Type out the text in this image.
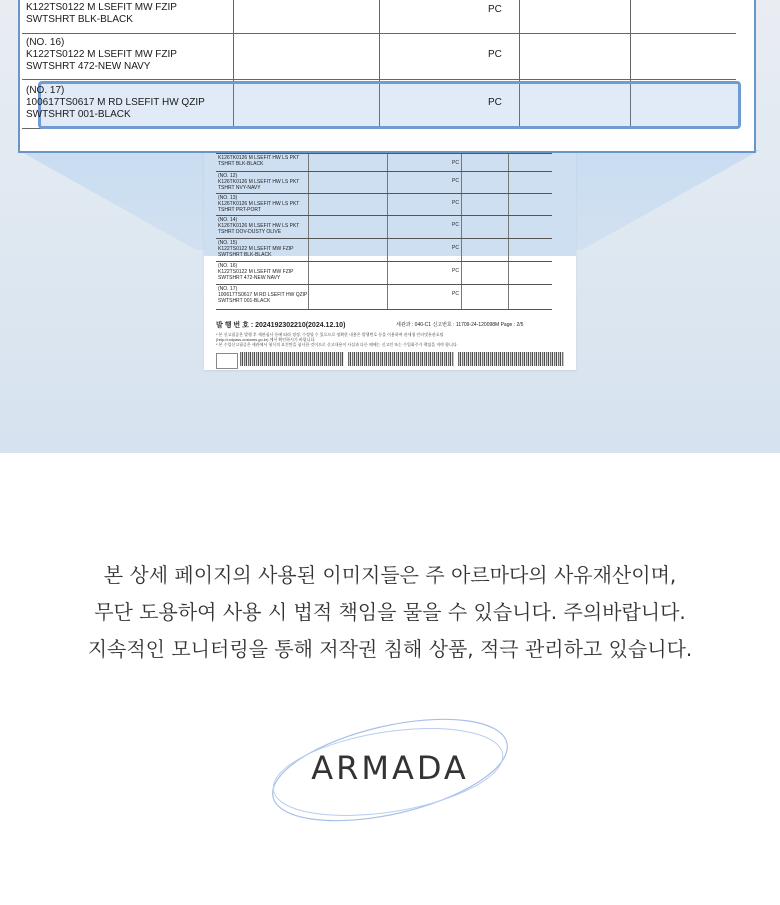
K126TK0126 M LSEFIT HW LS PKT
TSHRT BLK-BLACK	PC
(NO. 12)
K126TK0126 M LSEFIT HW LS PKT
TSHRT NVY-NAVY
PC
(NO. 13)
K126TK0126 M LSEFIT HW LS PKT
TSHRT PRT-PORT
PC
(NO. 14)
K126TK0126 M LSEFIT HW LS PKT
TSHRT DOV-DUSTY OLIVE
PC
(NO. 15)
K122TS0122 M LSEFIT MW FZIP
SWTSHRT BLK-BLACK
PC
(NO. 16)
K122TS0122 M LSEFIT MW FZIP
SWTSHRT 472-NEW NAVY
PC
(NO. 17)
100617TS0617 M RD LSEFIT HW QZIP
SWTSHRT 001-BLACK
PC
발 행 번 호 : 2024192302210(2024.12.10)	세관과 : 040-C1 신고번호 : 11709-24-120098M Page : 2/5
* 본 신고필증은 발행 후 세관심사 등에 따라 정정, 수정될 수 있으므로 정확한 내용은 발행번호 등을 이용하여 관세청 인터넷통관포털
(http://unipass.customs.go.kr) 에서 확인하시기 바랍니다.
* 본 수입신고필증은 세관에서 형식적 요건만을 심사한 것이므로 신고내용이 사실과 다른 때에는 신고인 또는 수입화주가 책임을 져야 합니다.
K122TS0122 M LSEFIT MW FZIP
SWTSHRT BLK-BLACK
PC
(NO. 16)
K122TS0122 M LSEFIT MW FZIP
SWTSHRT 472-NEW NAVY
PC
(NO. 17)
100617TS0617 M RD LSEFIT HW QZIP
SWTSHRT 001-BLACK
PC
본 상세 페이지의 사용된 이미지들은 주 아르마다의 사유재산이며,
무단 도용하여 사용 시 법적 책임을 물을 수 있습니다. 주의바랍니다.
지속적인 모니터링을 통해 저작권 침해 상품, 적극 관리하고 있습니다.
ARMADA
